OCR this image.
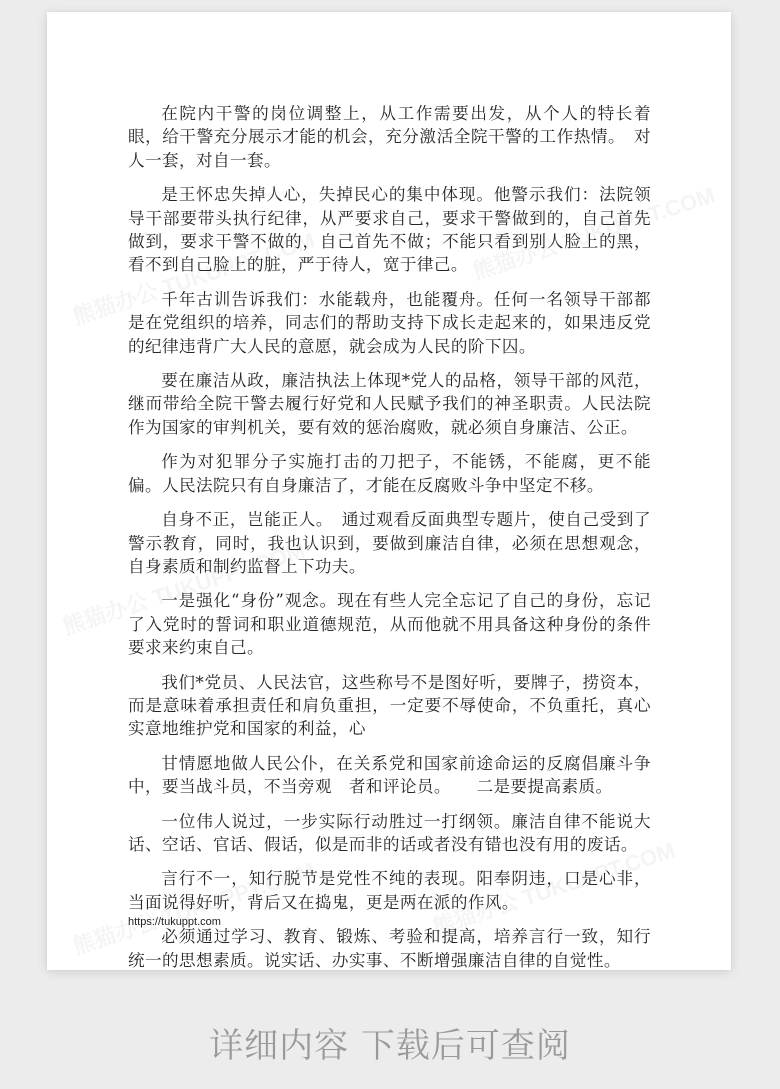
在院内干警的岗位调整上，从工作需要出发，从个人的特长着眼，给干警充分展示才能的机会，充分激活全院干警的工作热情。　对人一套，对自一套。

是王怀忠失掉人心，失掉民心的集中体现。他警示我们：法院领导干部要带头执行纪律，从严要求自己，要求干警做到的，自己首先做到，要求干警不做的，自己首先不做；不能只看到别人脸上的黑，看不到自己脸上的脏，严于待人，宽于律己。

千年古训告诉我们：水能载舟，也能覆舟。任何一名领导干部都是在党组织的培养，同志们的帮助支持下成长走起来的，如果违反党的纪律违背广大人民的意愿，就会成为人民的阶下囚。

要在廉洁从政，廉洁执法上体现*党人的品格，领导干部的风范，继而带给全院干警去履行好党和人民赋予我们的神圣职责。人民法院作为国家的审判机关，要有效的惩治腐败，就必须自身廉洁、公正。

作为对犯罪分子实施打击的刀把子，不能锈，不能腐，更不能偏。人民法院只有自身廉洁了，才能在反腐败斗争中坚定不移。

自身不正，岂能正人。　通过观看反面典型专题片，使自己受到了警示教育，同时，我也认识到，要做到廉洁自律，必须在思想观念，自身素质和制约监督上下功夫。

一是强化“身份”观念。现在有些人完全忘记了自己的身份，忘记了入党时的誓词和职业道德规范，从而他就不用具备这种身份的条件要求来约束自己。

我们*党员、人民法官，这些称号不是图好听，要牌子，捞资本，而是意味着承担责任和肩负重担，一定要不辱使命，不负重托，真心实意地维护党和国家的利益，心

甘情愿地做人民公仆，在关系党和国家前途命运的反腐倡廉斗争中，要当战斗员，不当旁观　者和评论员。　　二是要提高素质。

一位伟人说过，一步实际行动胜过一打纲领。廉洁自律不能说大话、空话、官话、假话，似是而非的话或者没有错也没有用的废话。

言行不一，知行脱节是党性不纯的表现。阳奉阴违，口是心非，当面说得好听，背后又在捣鬼，更是两在派的作风。

必须通过学习、教育、锻炼、考验和提高，培养言行一致，知行统一的思想素质。说实话、办实事、不断增强廉洁自律的自觉性。

https://tukuppt.com
详细内容 下载后可查阅
